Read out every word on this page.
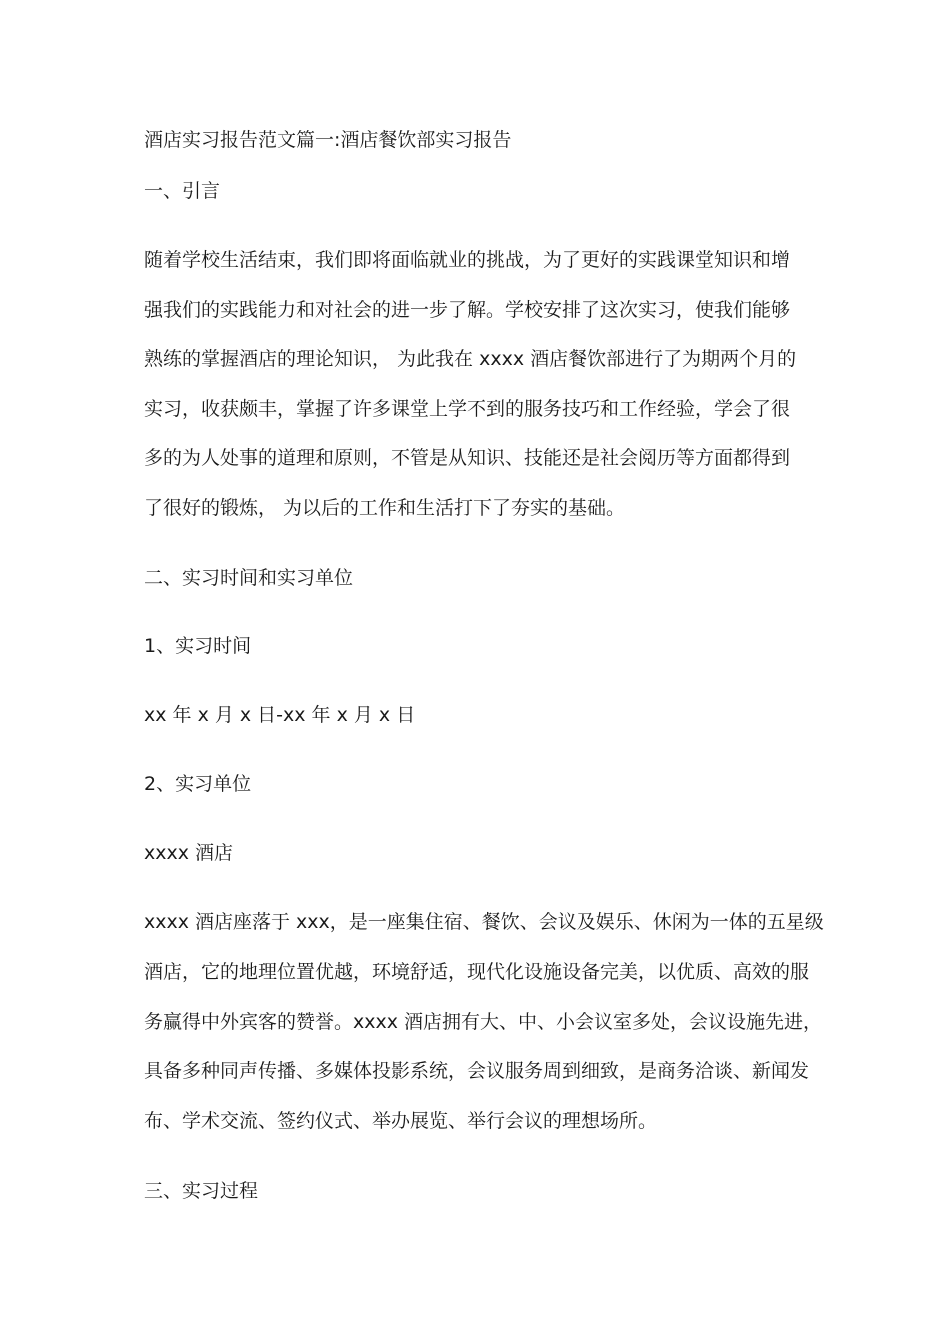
酒店实习报告范文篇一:酒店餐饮部实习报告
一、引言
随着学校生活结束，我们即将面临就业的挑战，为了更好的实践课堂知识和增
强我们的实践能力和对社会的进一步了解。学校安排了这次实习，使我们能够
熟练的掌握酒店的理论知识， 为此我在 xxxx 酒店餐饮部进行了为期两个月的
实习，收获颇丰，掌握了许多课堂上学不到的服务技巧和工作经验，学会了很
多的为人处事的道理和原则，不管是从知识、技能还是社会阅历等方面都得到
了很好的锻炼， 为以后的工作和生活打下了夯实的基础。
二、实习时间和实习单位
1、实习时间
xx 年 x 月 x 日-xx 年 x 月 x 日
2、实习单位
xxxx 酒店
xxxx 酒店座落于 xxx，是一座集住宿、餐饮、会议及娱乐、休闲为一体的五星级
酒店，它的地理位置优越，环境舒适，现代化设施设备完美，以优质、高效的服
务赢得中外宾客的赞誉。xxxx 酒店拥有大、中、小会议室多处，会议设施先进，
具备多种同声传播、多媒体投影系统，会议服务周到细致，是商务洽谈、新闻发
布、学术交流、签约仪式、举办展览、举行会议的理想场所。
三、实习过程
